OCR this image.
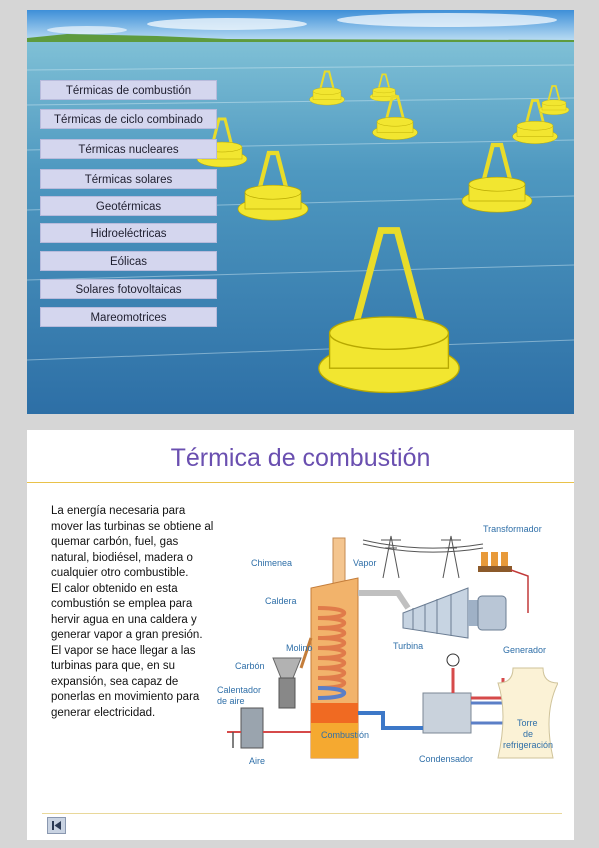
Térmicas de combustión
Térmicas de ciclo combinado
Térmicas nucleares
Térmicas solares
Geotérmicas
Hidroeléctricas
Eólicas
Solares fotovoltaicas
Mareomotrices
Térmica de combustión

La energía necesaria para mover las turbinas se obtiene al quemar carbón, fuel, gas natural, biodiésel, madera o cualquier otro combustible.

El calor obtenido en esta combustión se emplea para hervir agua en una caldera y generar vapor a gran presión. El vapor se hace llegar a las turbinas para que, en su expansión, sea capaz de ponerlas en movimiento para generar electricidad.

Transformador
Chimenea	Vapor
Caldera
Turbina	Generador
Molino
Carbón
Calentador
de aire
Combustión
Torre
de
refrigeración
Aire	Condensador
